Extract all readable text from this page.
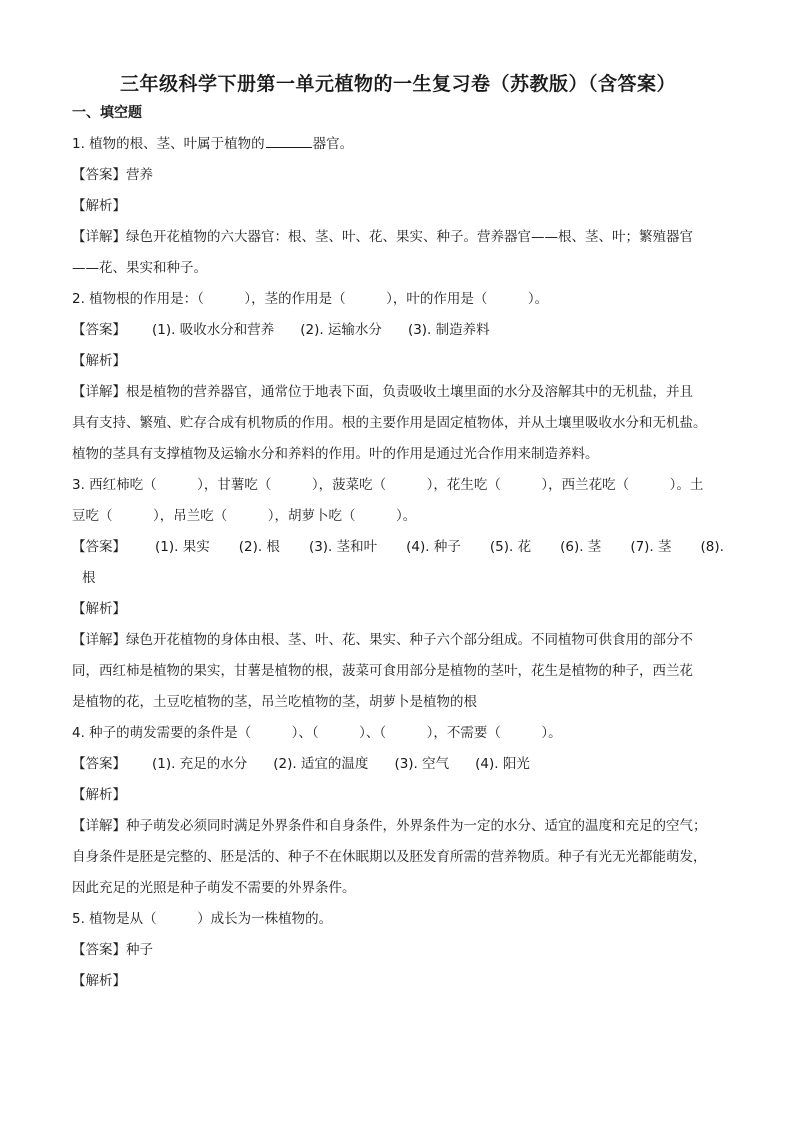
三年级科学下册第一单元植物的一生复习卷（苏教版）（含答案）

一、填空题

1. 植物的根、茎、叶属于植物的	器官。

【答案】营养

【解析】

【详解】绿色开花植物的六大器官：根、茎、叶、花、果实、种子。营养器官——根、茎、叶；繁殖器官

——花、果实和种子。

2. 植物根的作用是：（　　　），茎的作用是（　　　），叶的作用是（　　　）。

【答案】 (1). 吸收水分和营养 (2). 运输水分 (3). 制造养料

【解析】

【详解】根是植物的营养器官，通常位于地表下面，负责吸收土壤里面的水分及溶解其中的无机盐，并且

具有支持、繁殖、贮存合成有机物质的作用。根的主要作用是固定植物体，并从土壤里吸收水分和无机盐。

植物的茎具有支撑植物及运输水分和养料的作用。叶的作用是通过光合作用来制造养料。

3. 西红柿吃（　　　），甘薯吃（　　　），菠菜吃（　　　），花生吃（　　　），西兰花吃（　　　）。土

豆吃（　　　），吊兰吃（　　　），胡萝卜吃（　　　）。

【答案】 (1). 果实 (2). 根 (3). 茎和叶 (4). 种子 (5). 花 (6). 茎 (7). 茎 (8).

根

【解析】

【详解】绿色开花植物的身体由根、茎、叶、花、果实、种子六个部分组成。不同植物可供食用的部分不

同，西红柿是植物的果实，甘薯是植物的根，菠菜可食用部分是植物的茎叶，花生是植物的种子，西兰花

是植物的花，土豆吃植物的茎，吊兰吃植物的茎，胡萝卜是植物的根

4. 种子的萌发需要的条件是（　　　）、（　　　）、（　　　），不需要（　　　）。

【答案】 (1). 充足的水分 (2). 适宜的温度 (3). 空气 (4). 阳光

【解析】

【详解】种子萌发必须同时满足外界条件和自身条件，外界条件为一定的水分、适宜的温度和充足的空气；

自身条件是胚是完整的、胚是活的、种子不在休眠期以及胚发育所需的营养物质。种子有光无光都能萌发，

因此充足的光照是种子萌发不需要的外界条件。

5. 植物是从（　　　）成长为一株植物的。

【答案】种子

【解析】
